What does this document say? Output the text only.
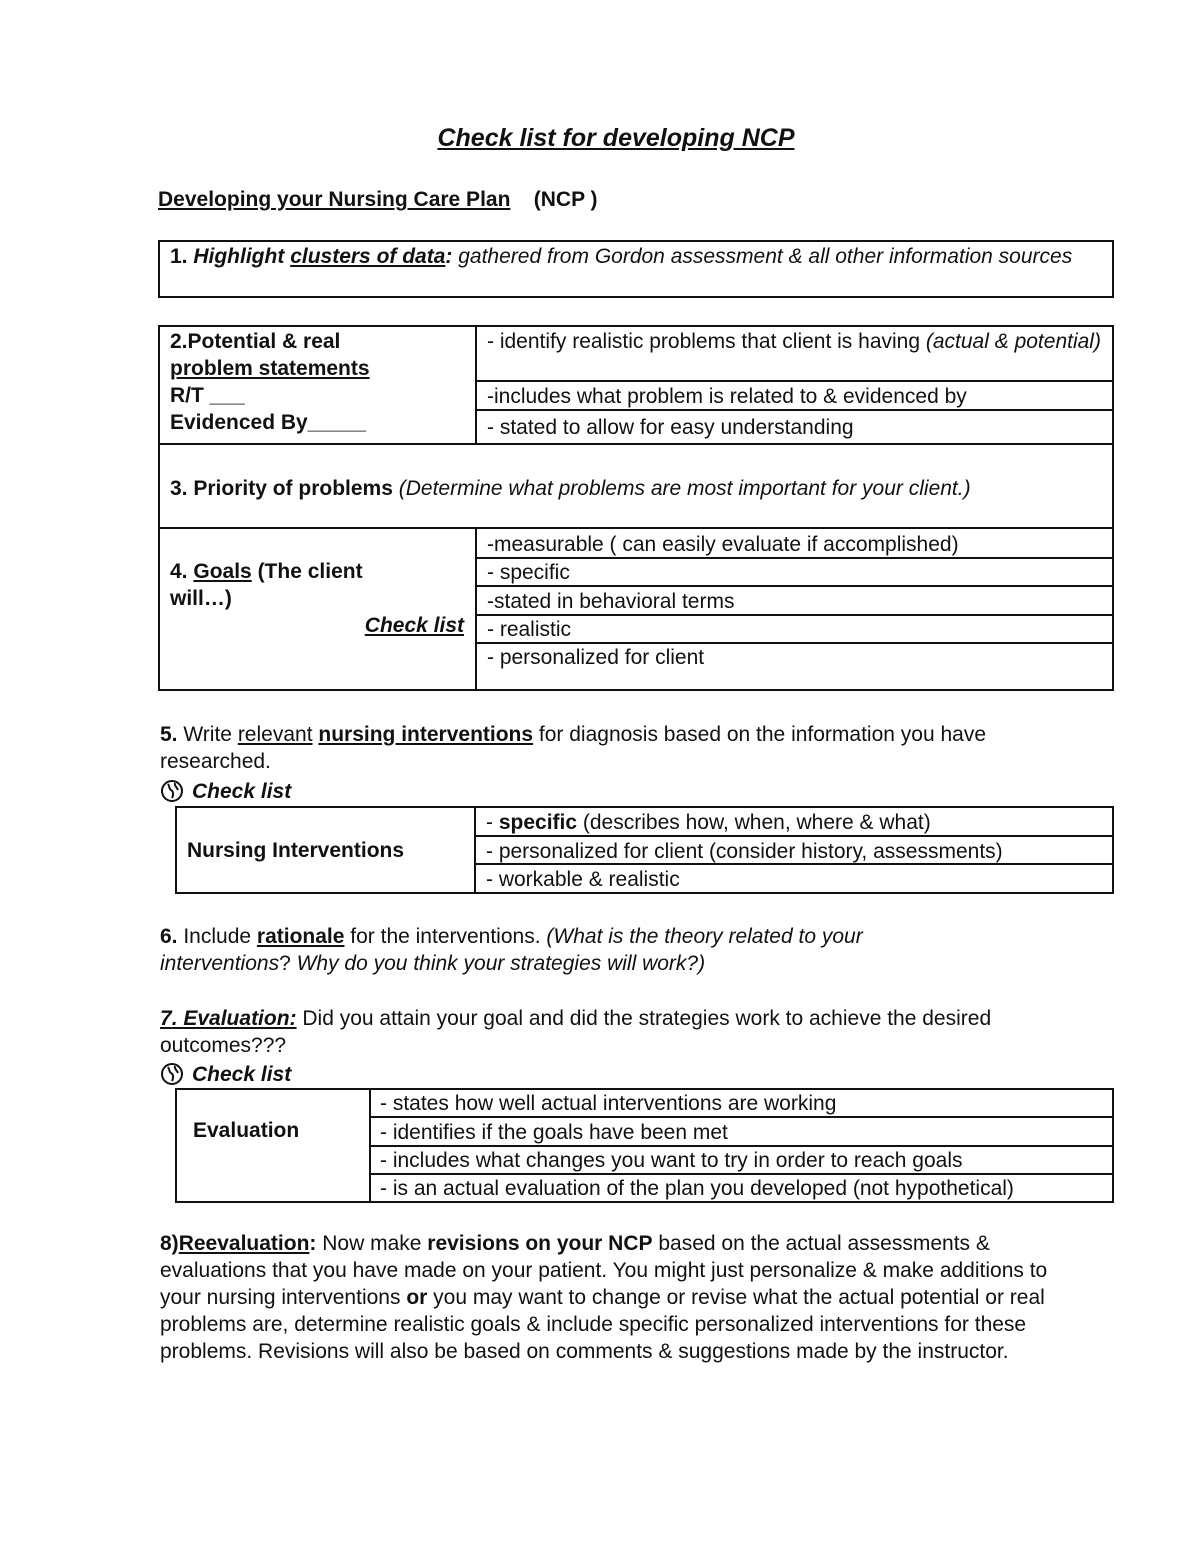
Check list for developing NCP
Developing your Nursing Care Plan (NCP )
1. Highlight clusters of data: gathered from Gordon assessment & all other information sources
2.Potential & real
problem statements
R/T ___
Evidenced By_____
- identify realistic problems that client is having (actual & potential)
-includes what problem is related to & evidenced by
- stated to allow for easy understanding
3. Priority of problems (Determine what problems are most important for your client.)
4. Goals (The client
will…)
Check list
-measurable ( can easily evaluate if accomplished)
- specific
-stated in behavioral terms
- realistic
- personalized for client
5. Write relevant nursing interventions for diagnosis based on the information you have researched.
Check list
Nursing Interventions
- specific (describes how, when, where & what)
- personalized for client (consider history, assessments)
- workable & realistic
6. Include rationale for the interventions. (What is the theory related to your interventions? Why do you think your strategies will work?)
7. Evaluation: Did you attain your goal and did the strategies work to achieve the desired outcomes???
Check list
Evaluation
- states how well actual interventions are working
- identifies if the goals have been met
- includes what changes you want to try in order to reach goals
- is an actual evaluation of the plan you developed (not hypothetical)
8)Reevaluation: Now make revisions on your NCP based on the actual assessments & evaluations that you have made on your patient. You might just personalize & make additions to your nursing interventions or you may want to change or revise what the actual potential or real problems are, determine realistic goals & include specific personalized interventions for these problems. Revisions will also be based on comments & suggestions made by the instructor.
